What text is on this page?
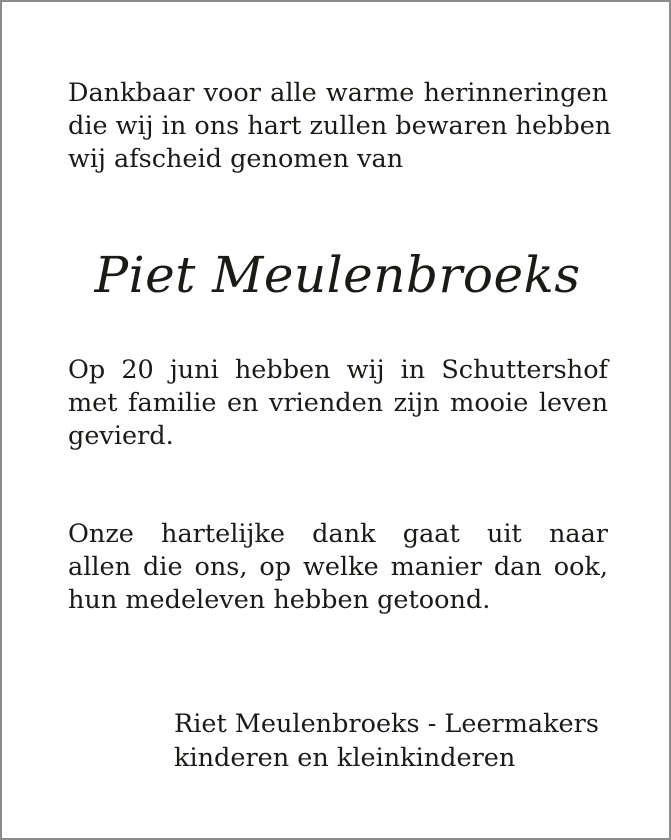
Dankbaar voor alle warme herinneringen
die wij in ons hart zullen bewaren hebben
wij afscheid genomen van
Piet Meulenbroeks
Op 20 juni hebben wij in Schuttershof
met familie en vrienden zijn mooie leven
gevierd.
Onze hartelijke dank gaat uit naar
allen die ons, op welke manier dan ook,
hun medeleven hebben getoond.
Riet Meulenbroeks - Leermakers
kinderen en kleinkinderen
